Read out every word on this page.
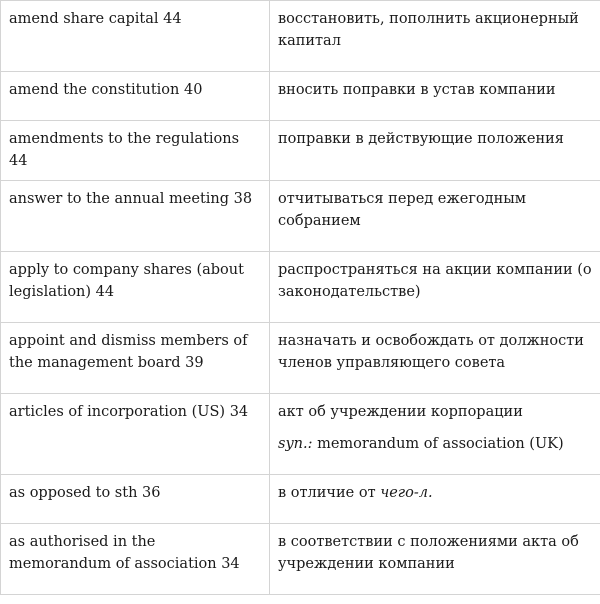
amend share capital 44	восстановить, пополнить акционерный капитал
amend the constitution 40	вносить поправки в устав компании
amendments to the regulations 44	поправки в действующие положения
answer to the annual meeting 38	отчитываться перед ежегодным собранием
apply to company shares (about legislation) 44	распространяться на акции компании (о законодательстве)
appoint and dismiss members of the management board 39	назначать и освобождать от должности членов управляющего совета
articles of incorporation (US) 34	акт об учреждении корпорации
syn.: memorandum of association (UK)

as opposed to sth 36	в отличие от чего-л.
as authorised in the memorandum of association 34	в соответствии с положениями акта об учреждении компании
